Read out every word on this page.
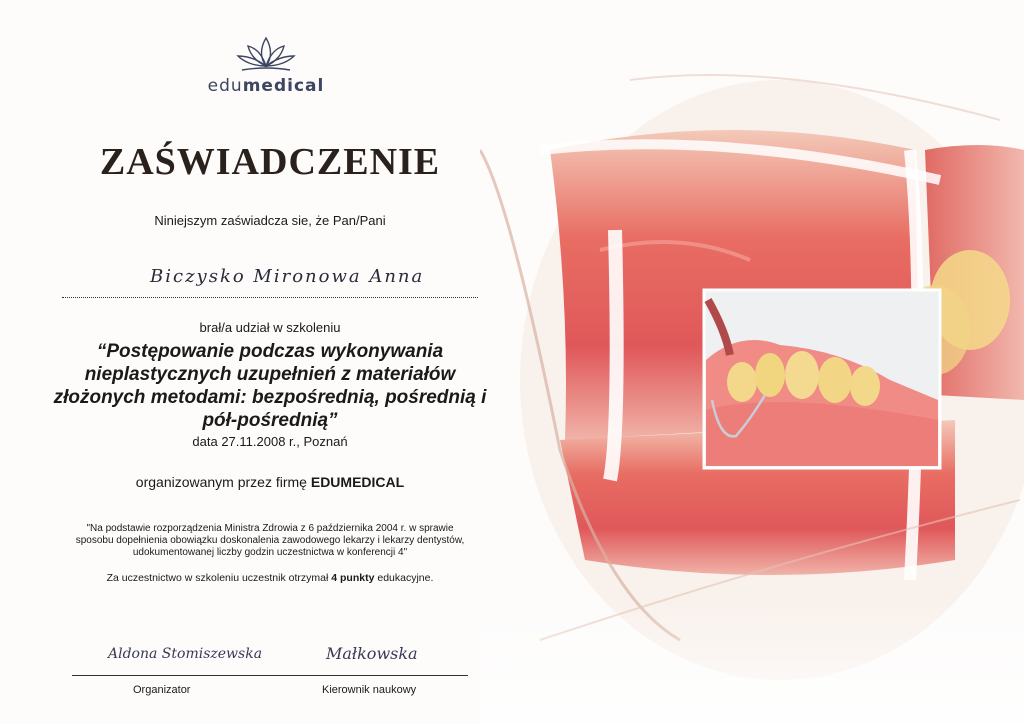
edumedical
ZAŚWIADCZENIE
Niniejszym zaświadcza sie, że Pan/Pani
Biczysko Mironowa Anna
brał/a udział w szkoleniu
“Postępowanie podczas wykonywania nieplastycznych uzupełnień z materiałów złożonych metodami: bezpośrednią, pośrednią i pół-pośrednią”
data 27.11.2008 r., Poznań
organizowanym przez firmę EDUMEDICAL
"Na podstawie rozporządzenia Ministra Zdrowia z 6 października 2004 r. w sprawie sposobu dopełnienia obowiązku doskonalenia zawodowego lekarzy i lekarzy dentystów, udokumentowanej liczby godzin uczestnictwa w konferencji 4"
Za uczestnictwo w szkoleniu uczestnik otrzymał 4 punkty edukacyjne.
Aldona Stomiszewska	Małkowska
Organizator	Kierownik naukowy
